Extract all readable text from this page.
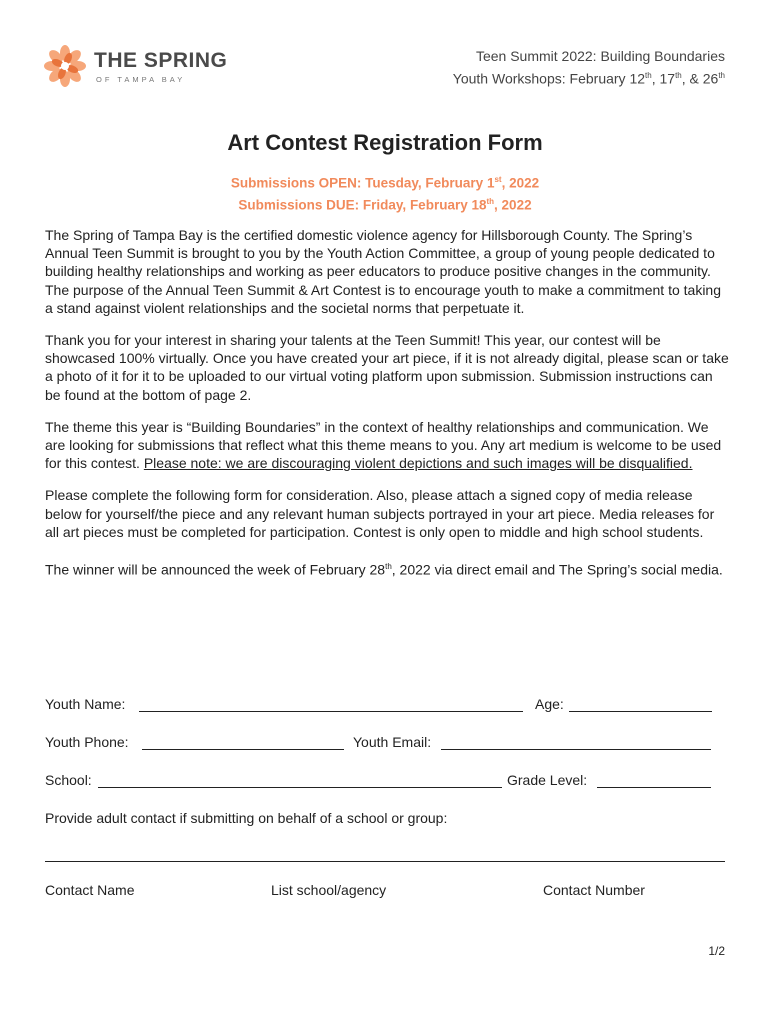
THE SPRING
OF TAMPA BAY
Teen Summit 2022: Building Boundaries
Youth Workshops: February 12th, 17th, & 26th
Art Contest Registration Form
Submissions OPEN: Tuesday, February 1st, 2022
Submissions DUE: Friday, February 18th, 2022

The Spring of Tampa Bay is the certified domestic violence agency for Hillsborough County. The Spring’s Annual Teen Summit is brought to you by the Youth Action Committee, a group of young people dedicated to building healthy relationships and working as peer educators to produce positive changes in the community. The purpose of the Annual Teen Summit & Art Contest is to encourage youth to make a commitment to taking a stand against violent relationships and the societal norms that perpetuate it.

Thank you for your interest in sharing your talents at the Teen Summit! This year, our contest will be showcased 100% virtually. Once you have created your art piece, if it is not already digital, please scan or take a photo of it for it to be uploaded to our virtual voting platform upon submission. Submission instructions can be found at the bottom of page 2.

The theme this year is “Building Boundaries” in the context of healthy relationships and communication. We are looking for submissions that reflect what this theme means to you. Any art medium is welcome to be used for this contest. Please note: we are discouraging violent depictions and such images will be disqualified.

Please complete the following form for consideration. Also, please attach a signed copy of media release below for yourself/the piece and any relevant human subjects portrayed in your art piece. Media releases for all art pieces must be completed for participation. Contest is only open to middle and high school students.

The winner will be announced the week of February 28th, 2022 via direct email and The Spring’s social media.

Youth Name:	Age:
Youth Phone:	Youth Email:
School:	Grade Level:
Provide adult contact if submitting on behalf of a school or group:
Contact Name	List school/agency	Contact Number
1/2
